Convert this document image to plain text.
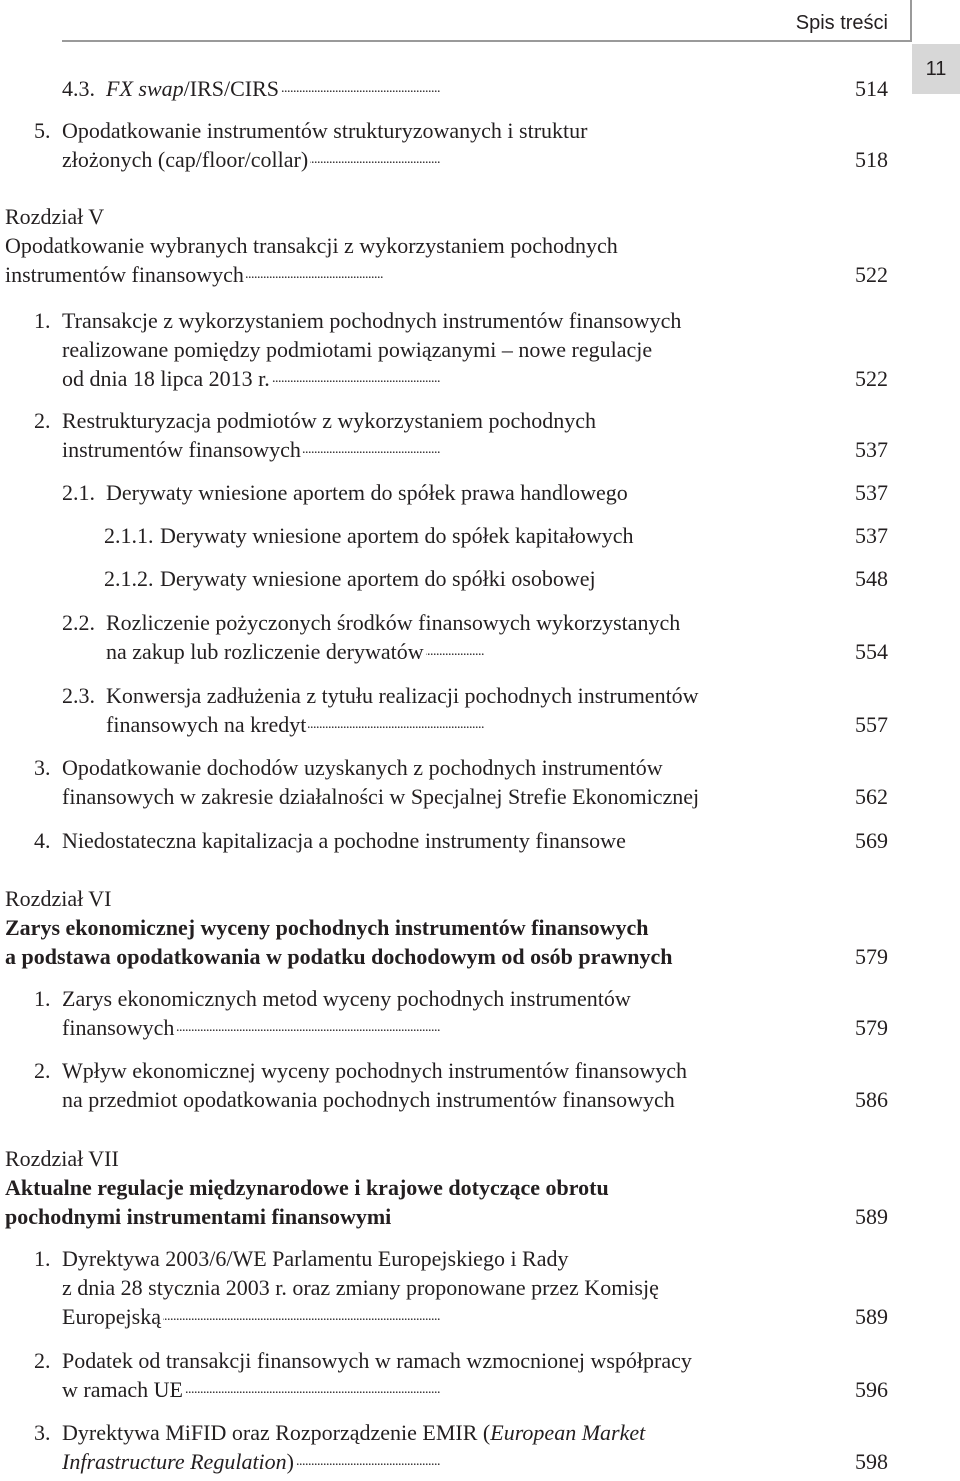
Spis treści
11
. . . 4.3. FX swap/IRS/CIRS	514
5. Opodatkowanie instrumentów strukturyzowanych i struktur
. . . złożonych (cap/floor/collar)	518
Rozdział V
Opodatkowanie wybranych transakcji z wykorzystaniem pochodnych
. . . instrumentów finansowych	522
1. Transakcje z wykorzystaniem pochodnych instrumentów finansowych
realizowane pomiędzy podmiotami powiązanymi – nowe regulacje
. . . od dnia 18 lipca 2013 r.	522
2. Restrukturyzacja podmiotów z wykorzystaniem pochodnych
. . . instrumentów finansowych	537
2.1. . . . Derywaty wniesione aportem do spółek prawa handlowego	537
2.1.1. . . . Derywaty wniesione aportem do spółek kapitałowych	537
2.1.2. . . . Derywaty wniesione aportem do spółki osobowej	548
2.2. Rozliczenie pożyczonych środków finansowych wykorzystanych
. . . na zakup lub rozliczenie derywatów	554
2.3. Konwersja zadłużenia z tytułu realizacji pochodnych instrumentów
. . . finansowych na kredyt	557
3. Opodatkowanie dochodów uzyskanych z pochodnych instrumentów
. . . finansowych w zakresie działalności w Specjalnej Strefie Ekonomicznej	562
4. . . . Niedostateczna kapitalizacja a pochodne instrumenty finansowe	569
Rozdział VI
Zarys ekonomicznej wyceny pochodnych instrumentów finansowych
. . . a podstawa opodatkowania w podatku dochodowym od osób prawnych	579
1. Zarys ekonomicznych metod wyceny pochodnych instrumentów
. . . finansowych	579
2. Wpływ ekonomicznej wyceny pochodnych instrumentów finansowych
. . . na przedmiot opodatkowania pochodnych instrumentów finansowych	586
Rozdział VII
Aktualne regulacje międzynarodowe i krajowe dotyczące obrotu
. . . pochodnymi instrumentami finansowymi	589
1. Dyrektywa 2003/6/WE Parlamentu Europejskiego i Rady
z dnia 28 stycznia 2003 r. oraz zmiany proponowane przez Komisję
. . . Europejską	589
2. Podatek od transakcji finansowych w ramach wzmocnionej współpracy
. . . w ramach UE	596
3. Dyrektywa MiFID oraz Rozporządzenie EMIR (European Market
. . . Infrastructure Regulation)	598
